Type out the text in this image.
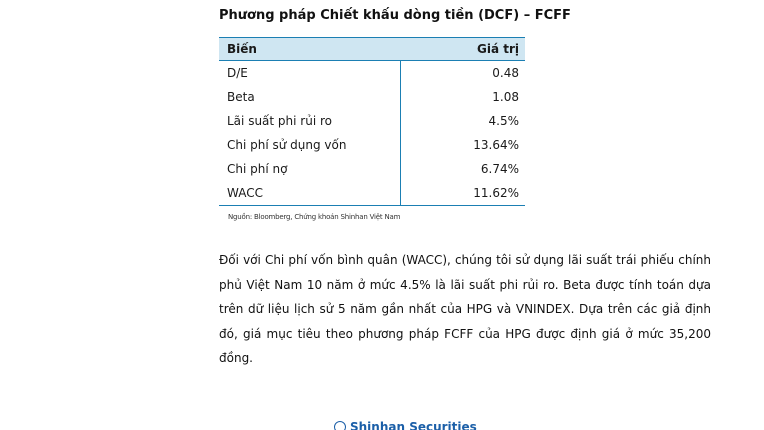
Phương pháp Chiết khấu dòng tiền (DCF) – FCFF
Biến	Giá trị
D/E	0.48
Beta	1.08
Lãi suất phi rủi ro	4.5%
Chi phí sử dụng vốn	13.64%
Chi phí nợ	6.74%
WACC	11.62%
Nguồn: Bloomberg, Chứng khoán Shinhan Việt Nam
Đối với Chi phí vốn bình quân (WACC), chúng tôi sử dụng lãi suất trái phiếu chính phủ Việt Nam 10 năm ở mức 4.5% là lãi suất phi rủi ro. Beta được tính toán dựa trên dữ liệu lịch sử 5 năm gần nhất của HPG và VNINDEX. Dựa trên các giả định đó, giá mục tiêu theo phương pháp FCFF của HPG được định giá ở mức 35,200 đồng.
Shinhan Securities
